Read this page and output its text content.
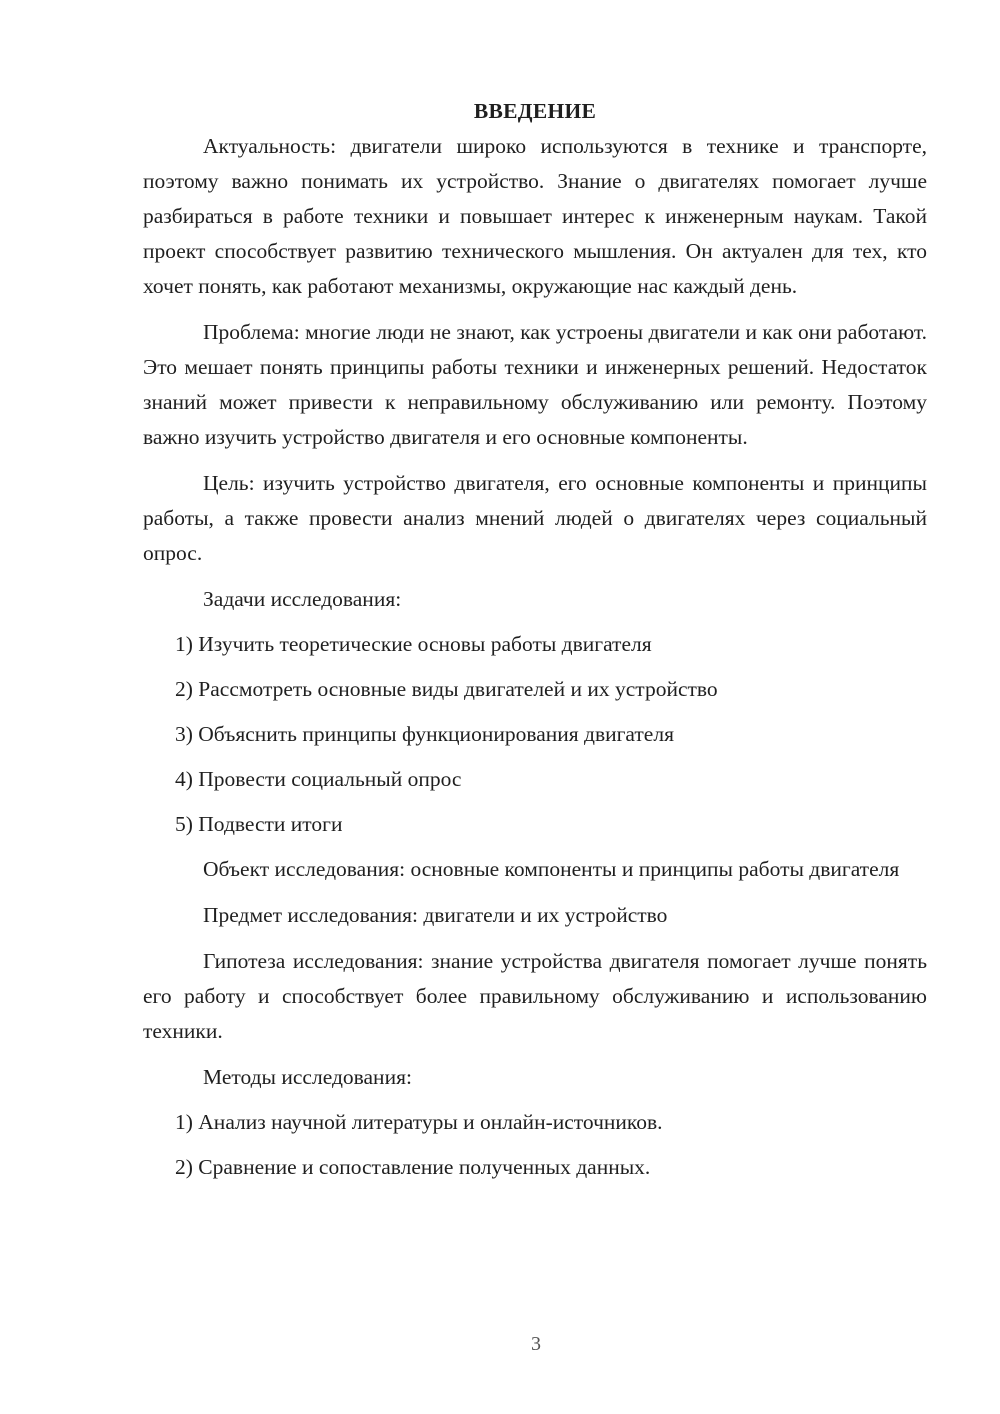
ВВЕДЕНИЕ

Актуальность: двигатели широко используются в технике и транспорте, поэтому важно понимать их устройство. Знание о двигателях помогает лучше разбираться в работе техники и повышает интерес к инженерным наукам. Такой проект способствует развитию технического мышления. Он актуален для тех, кто хочет понять, как работают механизмы, окружающие нас каждый день.

Проблема: многие люди не знают, как устроены двигатели и как они работают. Это мешает понять принципы работы техники и инженерных решений. Недостаток знаний может привести к неправильному обслуживанию или ремонту. Поэтому важно изучить устройство двигателя и его основные компоненты.

Цель: изучить устройство двигателя, его основные компоненты и принципы работы, а также провести анализ мнений людей о двигателях через социальный опрос.

Задачи исследования:

1) Изучить теоретические основы работы двигателя

2) Рассмотреть основные виды двигателей и их устройство

3) Объяснить принципы функционирования двигателя

4) Провести социальный опрос

5) Подвести итоги

Объект исследования: основные компоненты и принципы работы двигателя

Предмет исследования: двигатели и их устройство

Гипотеза исследования: знание устройства двигателя помогает лучше понять его работу и способствует более правильному обслуживанию и использованию техники.

Методы исследования:

1) Анализ научной литературы и онлайн-источников.

2) Сравнение и сопоставление полученных данных.

3
